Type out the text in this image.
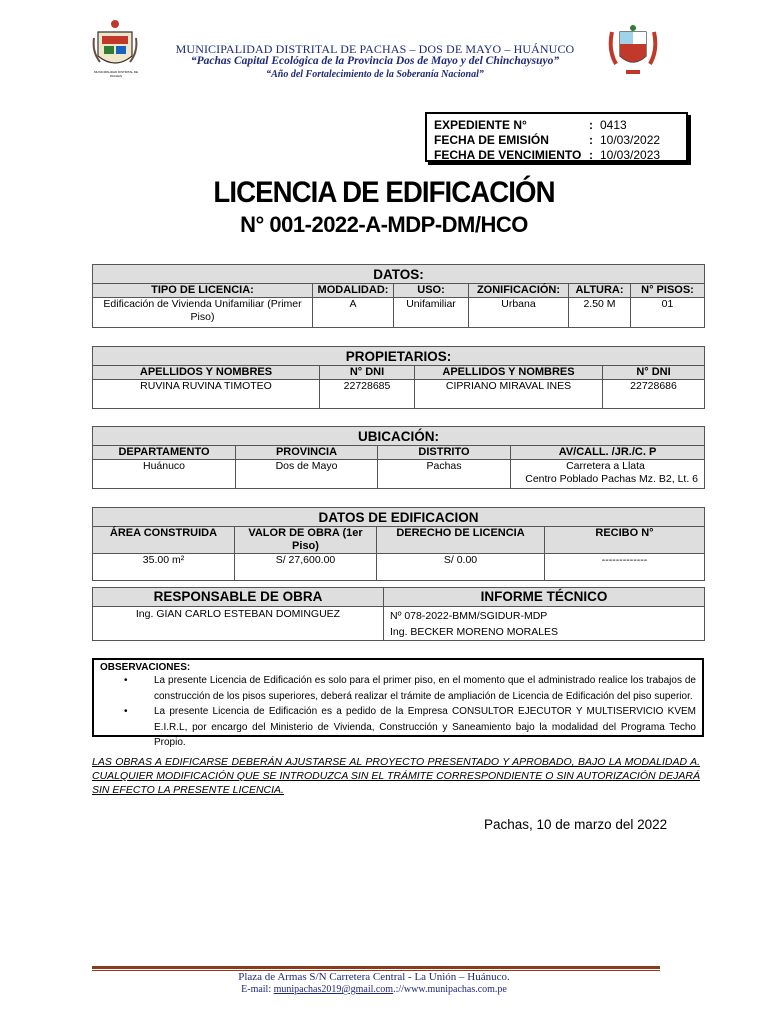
MUNICIPALIDAD DISTRITAL DE PACHAS
MUNICIPALIDAD DISTRITAL DE PACHAS – DOS DE MAYO – HUÁNUCO
“Pachas Capital Ecológica de la Provincia Dos de Mayo y del Chinchaysuyo”
“Año del Fortalecimiento de la Soberanía Nacional”
EXPEDIENTE N°	: 0413
FECHA DE EMISIÓN	: 10/03/2022
FECHA DE VENCIMIENTO : 10/03/2023
LICENCIA DE EDIFICACIÓN
N° 001-2022-A-MDP-DM/HCO
DATOS:					
TIPO DE LICENCIA:	MODALIDAD:	USO:	ZONIFICACIÓN:	ALTURA:	N° PISOS:
Edificación de Vivienda Unifamiliar (Primer Piso)	A	Unifamiliar	Urbana	2.50 M	01
PROPIETARIOS:			
APELLIDOS Y NOMBRES	N° DNI	APELLIDOS Y NOMBRES	N° DNI
RUVINA RUVINA TIMOTEO	22728685	CIPRIANO MIRAVAL INES	22728686
UBICACIÓN:			
DEPARTAMENTO	PROVINCIA	DISTRITO	AV/CALL. /JR./C. P
Huánuco	Dos de Mayo	Pachas	Carretera a Llata
Centro Poblado Pachas Mz. B2, Lt. 6
DATOS DE EDIFICACION			
ÁREA CONSTRUIDA	VALOR DE OBRA (1er Piso)	DERECHO DE LICENCIA	RECIBO N°
35.00 m²	S/ 27,600.00	S/ 0.00	-------------
RESPONSABLE DE OBRA	INFORME TÉCNICO
Ing. GIAN CARLO ESTEBAN DOMINGUEZ	Nº 078-2022-BMM/SGIDUR-MDP
Ing. BECKER MORENO MORALES
OBSERVACIONES:
•	La presente Licencia de Edificación es solo para el primer piso, en el momento que el administrado realice los trabajos de construcción de los pisos superiores, deberá realizar el trámite de ampliación de Licencia de Edificación del piso superior.
•	La presente Licencia de Edificación es a pedido de la Empresa CONSULTOR EJECUTOR Y MULTISERVICIO KVEM E.I.R.L, por encargo del Ministerio de Vivienda, Construcción y Saneamiento bajo la modalidad del Programa Techo Propio.
LAS OBRAS A EDIFICARSE DEBERÁN AJUSTARSE AL PROYECTO PRESENTADO Y APROBADO, BAJO LA MODALIDAD A. CUALQUIER MODIFICACIÓN QUE SE INTRODUZCA SIN EL TRÁMITE CORRESPONDIENTE O SIN AUTORIZACIÓN DEJARÁ SIN EFECTO LA PRESENTE LICENCIA.
Pachas, 10 de marzo del 2022
Plaza de Armas S/N Carretera Central - La Unión – Huánuco.
E-mail: munipachas2019@gmail.com.://www.munipachas.com.pe
